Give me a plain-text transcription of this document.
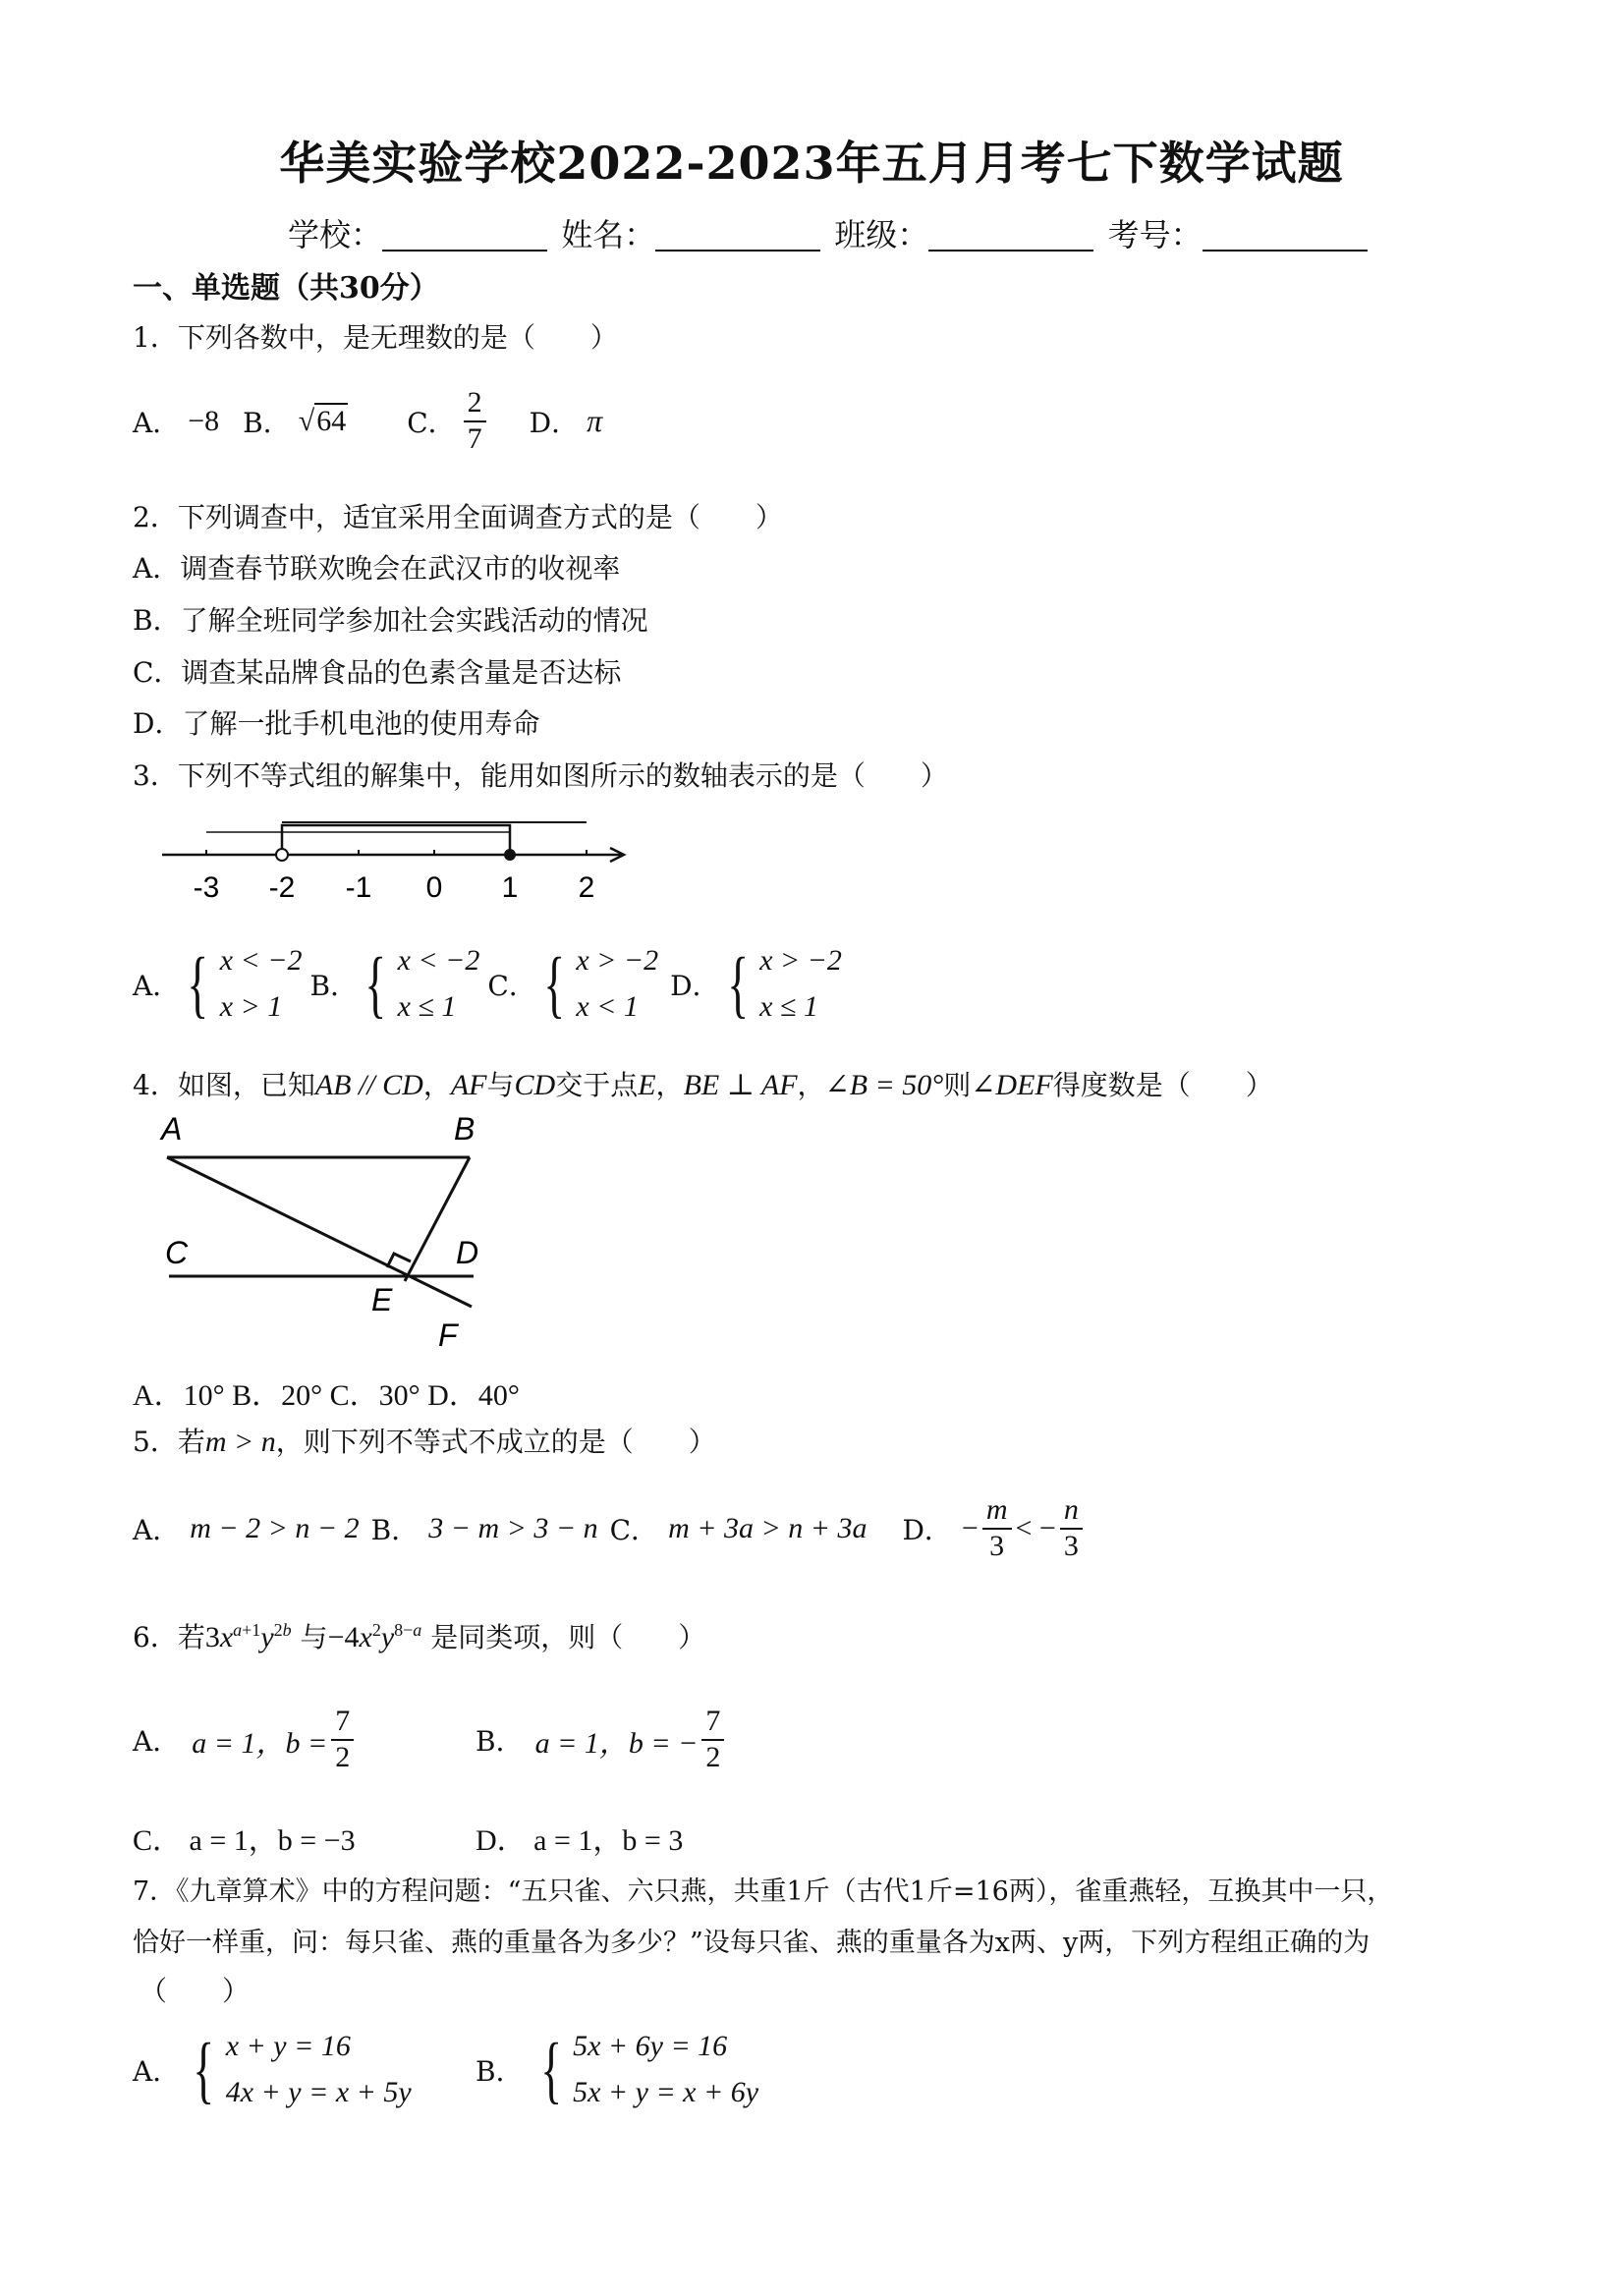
华美实验学校2022-2023年五月月考七下数学试题
学校：	姓名：	班级：	考号：
一、单选题（共30分）
1．下列各数中，是无理数的是（　　）
A． −8 B． √64 C． $\frac{2}{7}$ D． π
2．下列调查中，适宜采用全面调查方式的是（　　）
A．调查春节联欢晚会在武汉市的收视率
B．了解全班同学参加社会实践活动的情况
C．调查某品牌食品的色素含量是否达标
D．了解一批手机电池的使用寿命
3．下列不等式组的解集中，能用如图所示的数轴表示的是（　　）
-3 -2 -1 0 1 2
A． { x < −2
x > 1
B． { x < −2
x ≤ 1
C． { x > −2
x < 1
D． { x > −2
x ≤ 1
4．如图，已知AB // CD，AF与CD交于点E，BE ⊥ AF，∠B = 50°则∠DEF得度数是（　　）
A	B
C	D
E
F
A．10° B．20° C．30° D．40°
5．若m > n，则下列不等式不成立的是（　　）
A． m − 2 > n − 2 B． 3 − m > 3 − n C． m + 3a > n + 3a D． − $\frac{m}{3}$ < − $\frac{n}{3}$
6．若$3x^{a+1}y^{2b}$ 与$-4x^2y^{8-a}$ 是同类项，则（　　）
A． a = 1，$b = \frac{7}{2}$	B． a = 1，b = − $\frac{7}{2}$
C． a = 1，b = −3	D． a = 1，b = 3
7．《九章算术》中的方程问题：“五只雀、六只燕，共重1斤（古代1斤=16两），雀重燕轻，互换其中一只，
恰好一样重，问：每只雀、燕的重量各为多少？”设每只雀、燕的重量各为x两、y两，下列方程组正确的为
（　　）
A． { x + y = 16
4x + y = x + 5y
B． { 5x + 6y = 16
5x + y = x + 6y
